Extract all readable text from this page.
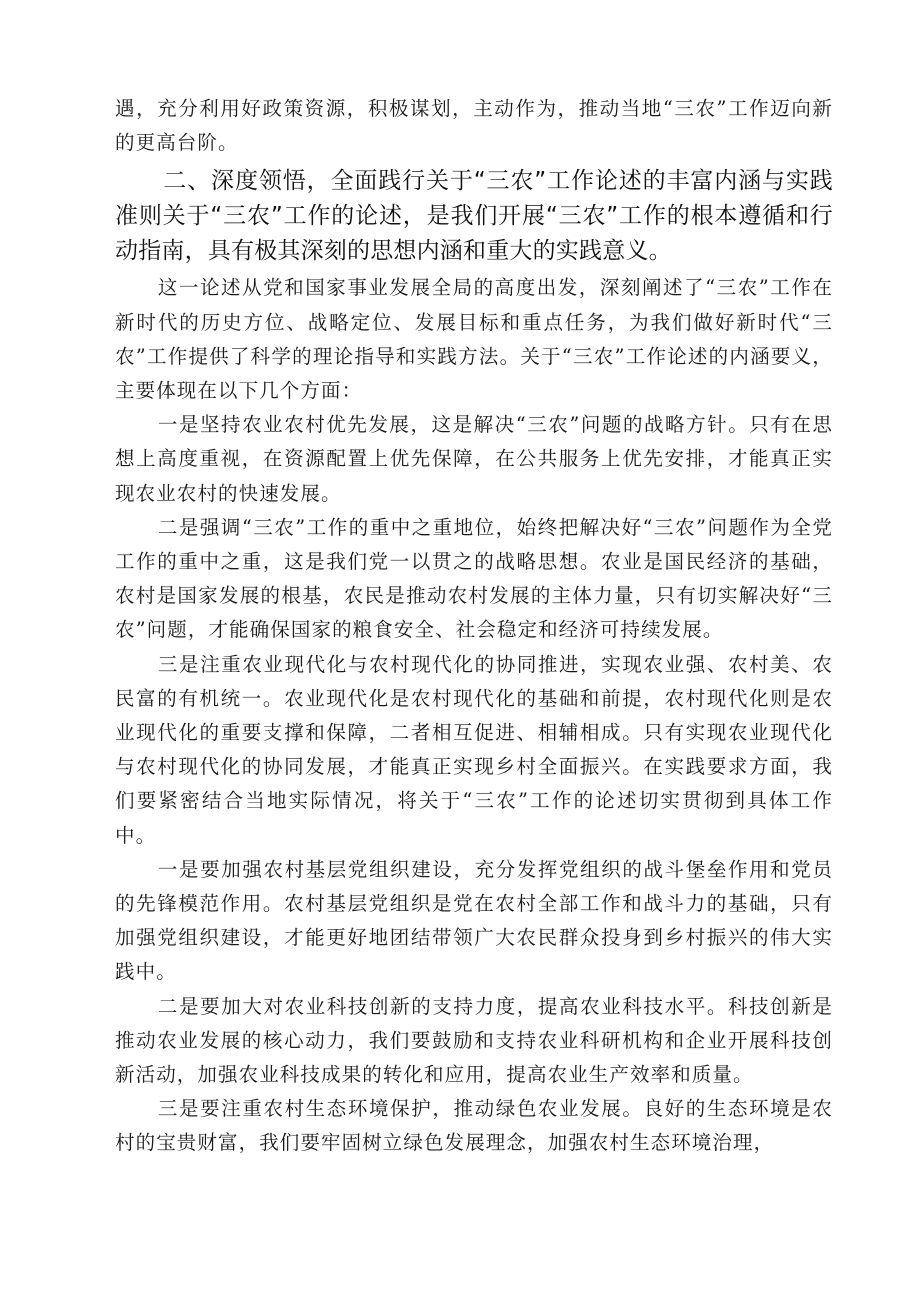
遇，充分利用好政策资源，积极谋划，主动作为，推动当地“三农”工作迈向新的更高台阶。

二、深度领悟，全面践行关于“三农”工作论述的丰富内涵与实践准则关于“三农”工作的论述，是我们开展“三农”工作的根本遵循和行动指南，具有极其深刻的思想内涵和重大的实践意义。

这一论述从党和国家事业发展全局的高度出发，深刻阐述了“三农”工作在新时代的历史方位、战略定位、发展目标和重点任务，为我们做好新时代“三农”工作提供了科学的理论指导和实践方法。关于“三农”工作论述的内涵要义，主要体现在以下几个方面：

一是坚持农业农村优先发展，这是解决“三农”问题的战略方针。只有在思想上高度重视，在资源配置上优先保障，在公共服务上优先安排，才能真正实现农业农村的快速发展。

二是强调“三农”工作的重中之重地位，始终把解决好“三农”问题作为全党工作的重中之重，这是我们党一以贯之的战略思想。农业是国民经济的基础，农村是国家发展的根基，农民是推动农村发展的主体力量，只有切实解决好“三农”问题，才能确保国家的粮食安全、社会稳定和经济可持续发展。

三是注重农业现代化与农村现代化的协同推进，实现农业强、农村美、农民富的有机统一。农业现代化是农村现代化的基础和前提，农村现代化则是农业现代化的重要支撑和保障，二者相互促进、相辅相成。只有实现农业现代化与农村现代化的协同发展，才能真正实现乡村全面振兴。在实践要求方面，我们要紧密结合当地实际情况，将关于“三农”工作的论述切实贯彻到具体工作中。

一是要加强农村基层党组织建设，充分发挥党组织的战斗堡垒作用和党员的先锋模范作用。农村基层党组织是党在农村全部工作和战斗力的基础，只有加强党组织建设，才能更好地团结带领广大农民群众投身到乡村振兴的伟大实践中。

二是要加大对农业科技创新的支持力度，提高农业科技水平。科技创新是推动农业发展的核心动力，我们要鼓励和支持农业科研机构和企业开展科技创新活动，加强农业科技成果的转化和应用，提高农业生产效率和质量。

三是要注重农村生态环境保护，推动绿色农业发展。良好的生态环境是农村的宝贵财富，我们要牢固树立绿色发展理念，加强农村生态环境治理，
